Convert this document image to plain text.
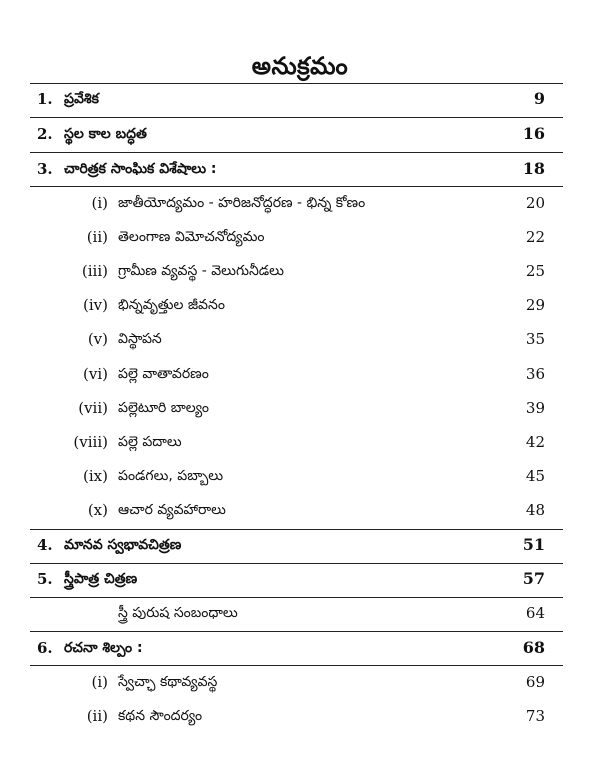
అనుక్రమం
1. ప్రవేశిక	9
2. స్థల కాల బద్ధత	16
3. చారిత్రక సాంఘిక విశేషాలు :	18
(i) జాతీయోద్యమం - హరిజనోద్ధరణ - భిన్న కోణం	20
(ii) తెలంగాణ విమోచనోద్యమం	22
(iii) గ్రామీణ వ్యవస్థ - వెలుగునీడలు	25
(iv) భిన్నవృత్తుల జీవనం	29
(v) విస్థాపన	35
(vi) పల్లె వాతావరణం	36
(vii) పల్లెటూరి బాల్యం	39
(viii) పల్లె పదాలు	42
(ix) పండగలు, పబ్బాలు	45
(x) ఆచార వ్యవహారాలు	48
4. మానవ స్వభావచిత్రణ	51
5. స్త్రీపాత్ర చిత్రణ	57
స్త్రీ పురుష సంబంధాలు	64
6. రచనా శిల్పం :	68
(i) స్వేచ్ఛా కథావ్యవస్థ	69
(ii) కథన సౌందర్యం	73
